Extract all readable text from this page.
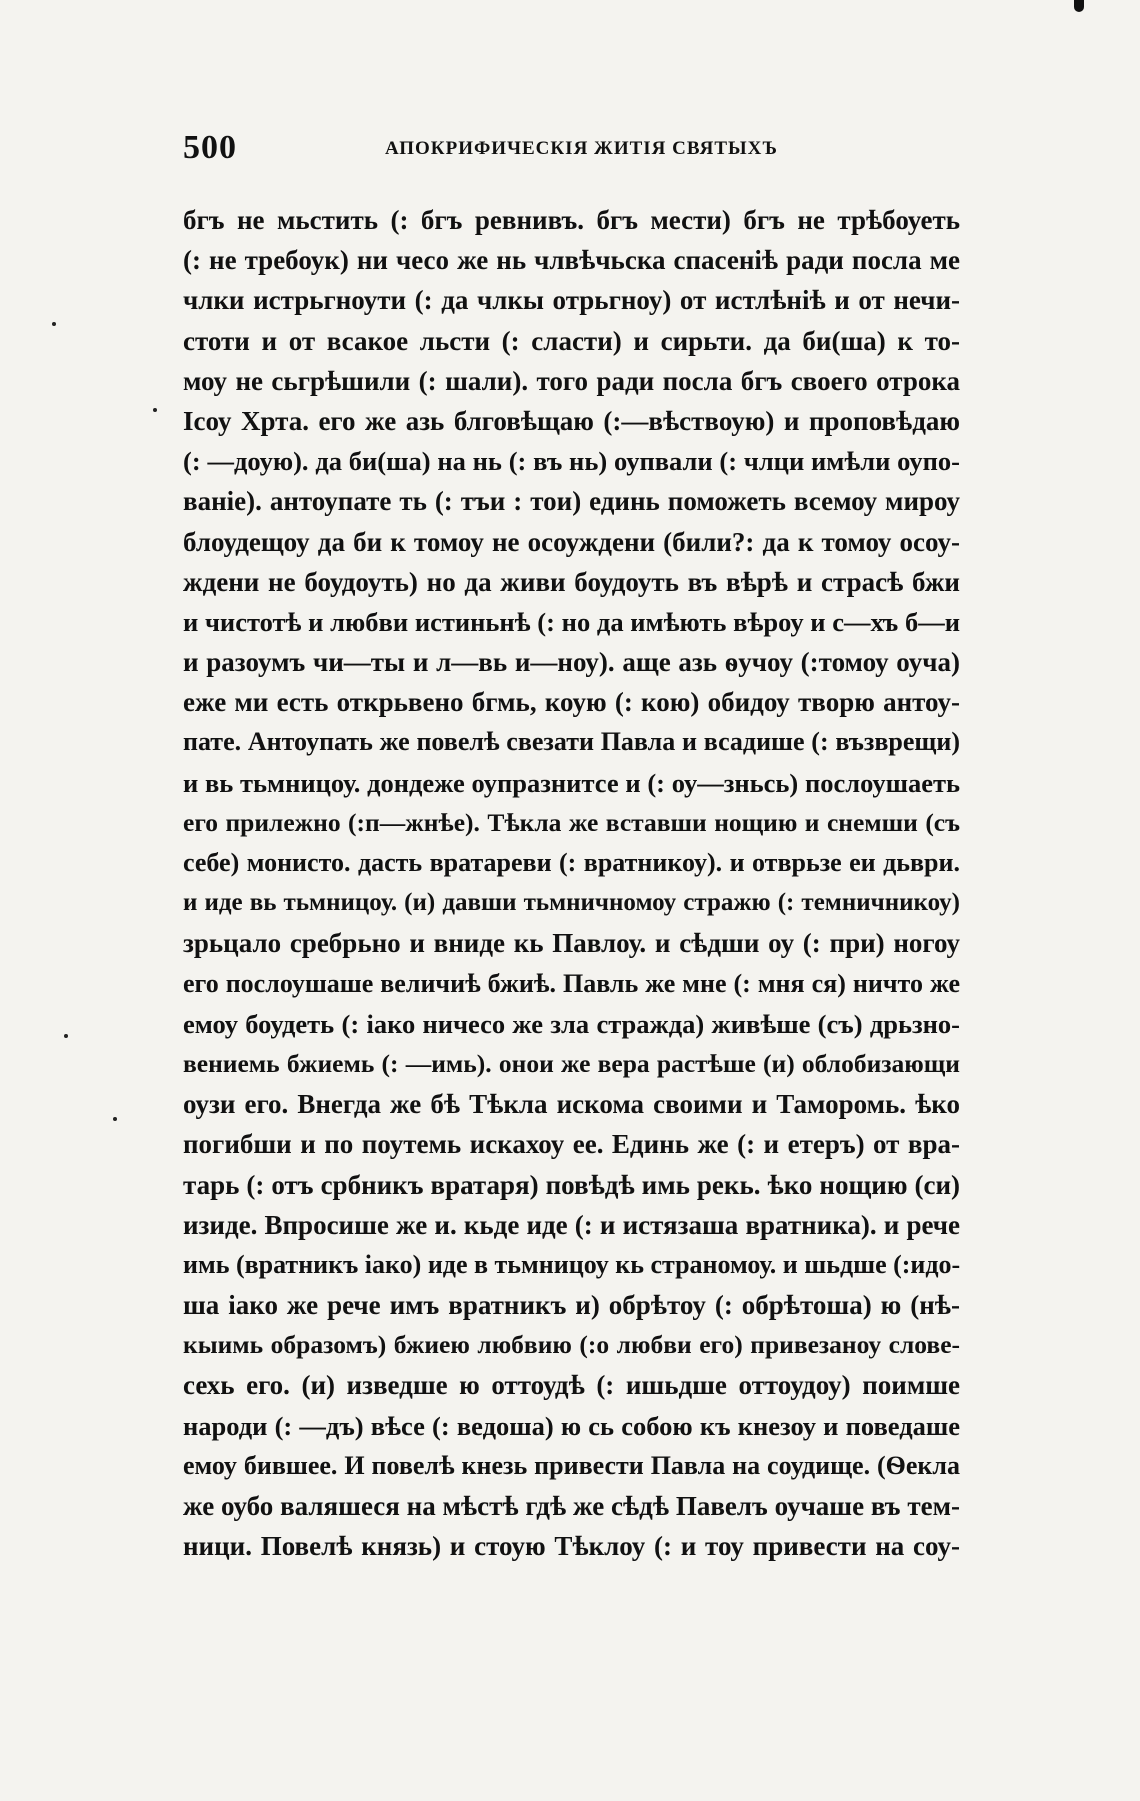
500	АПОКРИФИЧЕСКІЯ ЖИТІЯ СВЯТЫХЪ
бгъ не мьстить (: бгъ ревнивъ. бгъ мести) бгъ не трѣбоуеть
(: не требоук) ни чесо же нь члвѣчьска спасеніѣ ради посла ме
члки истрьгноути (: да члкы отрьгноу) от истлѣніѣ и от нечи-
стоти и от всакое льсти (: сласти) и сирьти. да би(ша) к то-
моу не сьгрѣшили (: шали). того ради посла бгъ своего отрока
Ісоу Хрта. его же азь блговѣщаю (:—вѣствоую) и проповѣдаю
(: —доую). да би(ша) на нь (: въ нь) оупвали (: члци имѣли оупо-
ваніе). антоупате ть (: тъи : тои) единь поможеть всемоу мироу
блоудещоу да би к томоу не осоуждени (били?: да к томоу осоу-
ждени не боудоуть) но да живи боудоуть въ вѣрѣ и страсѣ бжи
и чистотѣ и любви истиньнѣ (: но да имѣють вѣроу и с—хъ б—и
и разоумъ чи—ты и л—вь и—ноу). аще азь ѳучоу (:томоу оуча)
еже ми есть открьвено бгмь, коую (: кою) обидоу творю антоу-
пате. Антоупать же повелѣ свезати Павла и всадише (: възврещи)
и вь тьмницоу. дондеже оупразнитсе и (: оу—зньсь) послоушаеть
его прилежно (:п—жнѣе). Тѣкла же вставши нощию и снемши (съ
себе) монисто. дасть вратареви (: вратникоу). и отврьзе еи дьври.
и иде вь тьмницоу. (и) давши тьмничномоу стражю (: темничникоу)
зрьцало сребрьно и вниде кь Павлоу. и сѣдши оу (: при) ногоу
его послоушаше величиѣ бжиѣ. Павль же мне (: мня ся) ничто же
емоу боудеть (: іако ничесо же зла стражда) живѣше (съ) дрьзно-
вениемь бжиемь (: —имь). онои же вера растѣше (и) облобизающи
оузи его. Внегда же бѣ Тѣкла искома своими и Таморомь. ѣко
погибши и по поутемь искахоу ее. Единь же (: и етеръ) от вра-
тарь (: отъ србникъ вратаря) повѣдѣ имь рекь. ѣко нощию (си)
изиде. Впросише же и. кьде иде (: и истязаша вратника). и рече
имь (вратникъ іако) иде в тьмницоу кь страномоу. и шьдше (:идо-
ша іако же рече имъ вратникъ и) обрѣтоу (: обрѣтоша) ю (нѣ-
кыимь образомъ) бжиею любвию (:о любви его) привезаноу слове-
сехь его. (и) изведше ю оттоудѣ (: ишьдше оттоудоу) поимше
народи (: —дъ) вѣсе (: ведоша) ю сь собою къ кнезоу и поведаше
емоу бившее. И повелѣ кнезь привести Павла на соудище. (Ѳекла
же оубо валяшеся на мѣстѣ гдѣ же сѣдѣ Павелъ оучаше въ тем-
ници. Повелѣ князь) и стоую Тѣклоу (: и тоу привести на соу-
